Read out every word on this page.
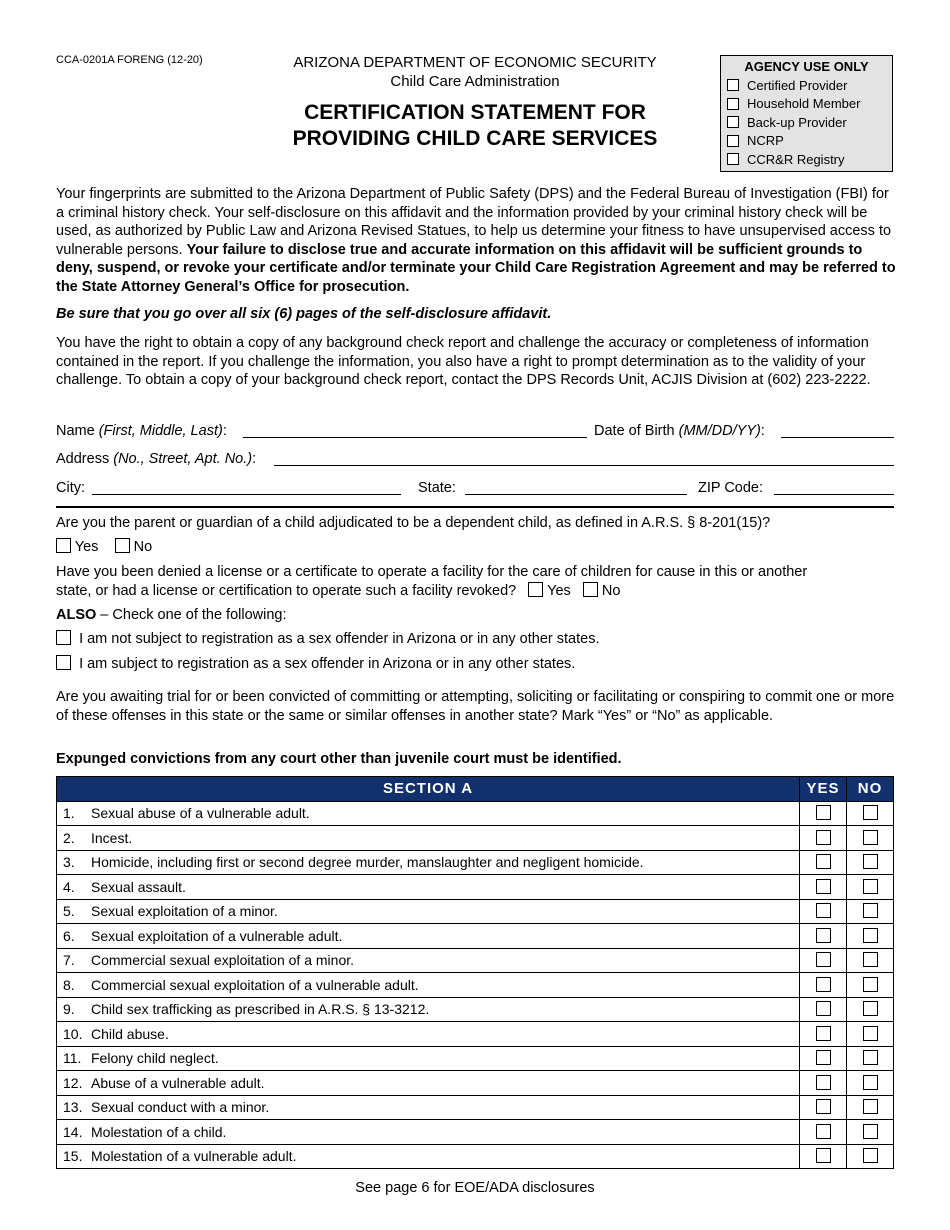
CCA-0201A FORENG (12-20)	ARIZONA DEPARTMENT OF ECONOMIC SECURITY
Child Care Administration
CERTIFICATION STATEMENT FOR
PROVIDING CHILD CARE SERVICES
AGENCY USE ONLY
Certified Provider
Household Member
Back-up Provider
NCRP
CCR&R Registry
Your fingerprints are submitted to the Arizona Department of Public Safety (DPS) and the Federal Bureau of Investigation (FBI) for a criminal history check. Your self-disclosure on this affidavit and the information provided by your criminal history check will be used, as authorized by Public Law and Arizona Revised Statues, to help us determine your fitness to have unsupervised access to vulnerable persons. Your failure to disclose true and accurate information on this affidavit will be sufficient grounds to deny, suspend, or revoke your certificate and/or terminate your Child Care Registration Agreement and may be referred to the State Attorney General’s Office for prosecution.
Be sure that you go over all six (6) pages of the self-disclosure affidavit.
You have the right to obtain a copy of any background check report and challenge the accuracy or completeness of information contained in the report. If you challenge the information, you also have a right to prompt determination as to the validity of your challenge. To obtain a copy of your background check report, contact the DPS Records Unit, ACJIS Division at (602) 223-2222.
Name (First, Middle, Last):	Date of Birth (MM/DD/YY):
Address (No., Street, Apt. No.):
City:	State:	ZIP Code:
Are you the parent or guardian of a child adjudicated to be a dependent child, as defined in A.R.S. § 8-201(15)?
Yes No
Have you been denied a license or a certificate to operate a facility for the care of children for cause in this or another
state, or had a license or certification to operate such a facility revoked? Yes No
ALSO – Check one of the following:
I am not subject to registration as a sex offender in Arizona or in any other states.
I am subject to registration as a sex offender in Arizona or in any other states.
Are you awaiting trial for or been convicted of committing or attempting, soliciting or facilitating or conspiring to commit one or more of these offenses in this state or the same or similar offenses in another state? Mark “Yes” or “No” as applicable.
Expunged convictions from any court other than juvenile court must be identified.
SECTION A	YES	NO
1. Sexual abuse of a vulnerable adult.		
2. Incest.		
3. Homicide, including first or second degree murder, manslaughter and negligent homicide.		
4. Sexual assault.		
5. Sexual exploitation of a minor.		
6. Sexual exploitation of a vulnerable adult.		
7. Commercial sexual exploitation of a minor.		
8. Commercial sexual exploitation of a vulnerable adult.		
9. Child sex trafficking as prescribed in A.R.S. § 13-3212.		
10. Child abuse.		
11. Felony child neglect.		
12. Abuse of a vulnerable adult.		
13. Sexual conduct with a minor.		
14. Molestation of a child.		
15. Molestation of a vulnerable adult.		
See page 6 for EOE/ADA disclosures
